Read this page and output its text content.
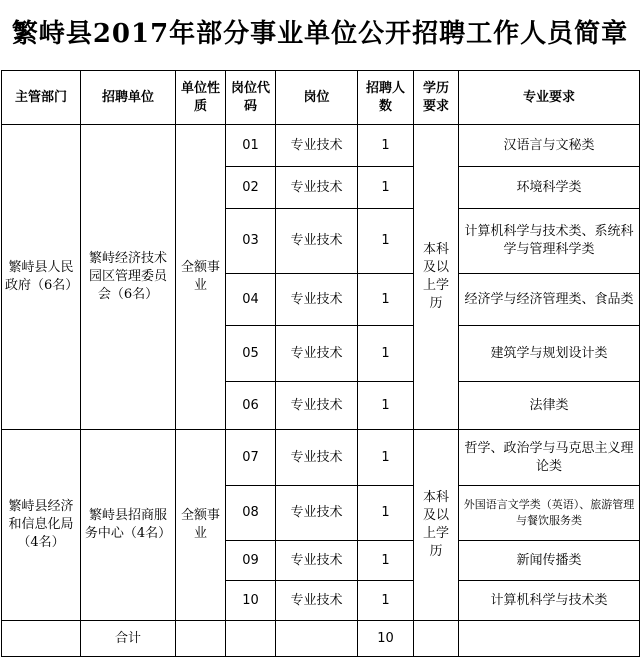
繁峙县2017年部分事业单位公开招聘工作人员简章
主管部门	招聘单位	单位性质	岗位代码	岗位	招聘人数	学历要求	专业要求
繁峙县人民政府（6名）	繁峙经济技术园区管理委员会（6名）	全额事业	01	专业技术	1	本科及以上学历	汉语言与文秘类
			02	专业技术	1		环境科学类
			03	专业技术	1		计算机科学与技术类、系统科学与管理科学类
			04	专业技术	1		经济学与经济管理类、食品类
			05	专业技术	1		建筑学与规划设计类
			06	专业技术	1		法律类
繁峙县经济和信息化局（4名）	繁峙县招商服务中心（4名）	全额事业	07	专业技术	1	本科及以上学历	哲学、政治学与马克思主义理论类
			08	专业技术	1		外国语言文学类（英语）、旅游管理与餐饮服务类
			09	专业技术	1		新闻传播类
			10	专业技术	1		计算机科学与技术类
	合计				10		
